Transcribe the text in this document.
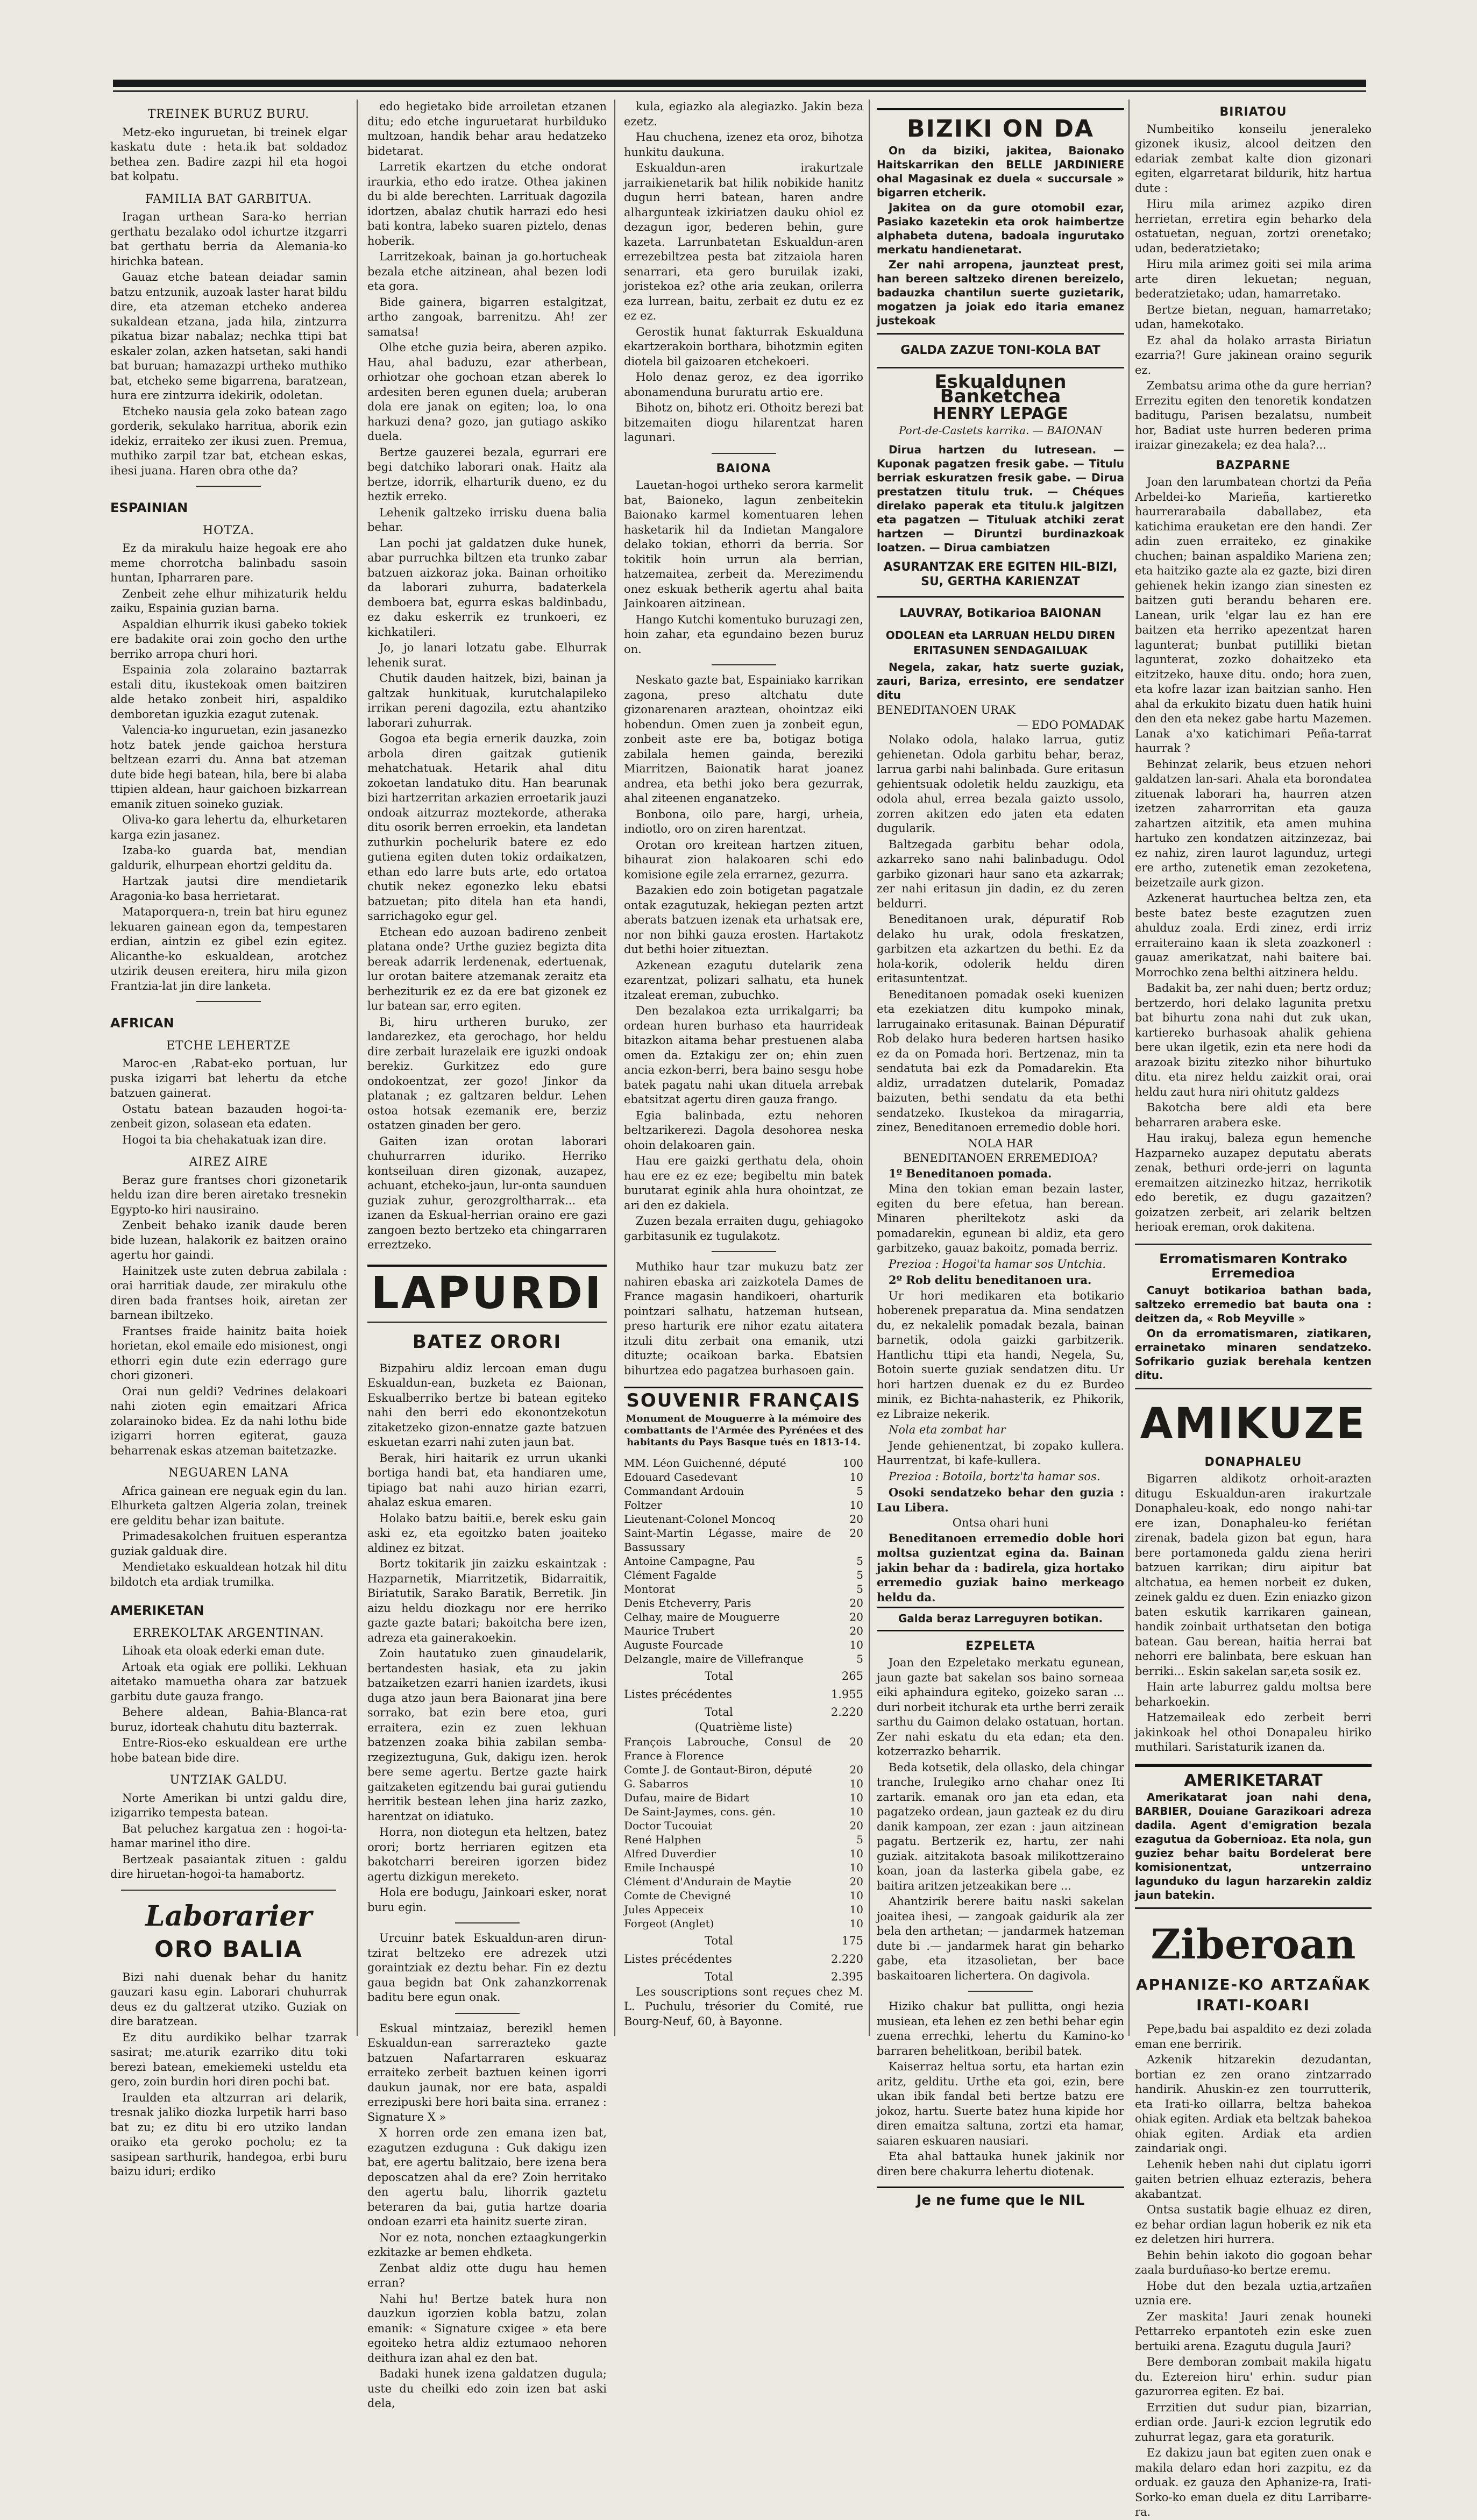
TREINEK BURUZ BURU.

Metz-eko inguruetan, bi treinek elgar kaskatu dute : heta.ik bat soldadoz bethea zen. Badire zazpi hil eta hogoi bat kolpatu.

FAMILIA BAT GARBITUA.

Iragan urthean Sara-ko herrian gerthatu bezalako odol ichurtze itzgarri bat gerthatu berria da Alemania-ko hirichka batean.

Gauaz etche batean deiadar samin batzu entzunik, auzoak laster harat bildu dire, eta atzeman etcheko anderea sukaldean etzana, jada hila, zintzurra pikatua bizar nabalaz; nechka ttipi bat eskaler zolan, azken hatsetan, saki handi bat buruan; hamazazpi urtheko muthiko bat, etcheko seme bigarrena, baratzean, hura ere zintzurra idekirik, odoletan.

Etcheko nausia gela zoko batean zago gorderik, sekulako harritua, aborik ezin idekiz, erraiteko zer ikusi zuen. Premua, muthiko zarpil tzar bat, etchean eskas, ihesi juana. Haren obra othe da?

ESPAINIAN
HOTZA.

Ez da mirakulu haize hegoak ere aho meme chorrotcha balinbadu sasoin huntan, Ipharraren pare.

Zenbeit zehe elhur mihizaturik heldu zaiku, Espainia guzian barna.

Aspaldian elhurrik ikusi gabeko tokiek ere badakite orai zoin gocho den urthe berriko arropa churi hori.

Espainia zola zolaraino baztarrak estali ditu, ikustekoak omen baitziren alde hetako zonbeit hiri, aspaldiko demboretan iguzkia ezagut zutenak.

Valencia-ko inguruetan, ezin jasanezko hotz batek jende gaichoa herstura beltzean ezarri du. Anna bat atzeman dute bide hegi batean, hila, bere bi alaba ttipien aldean, haur gaichoen bizkarrean emanik zituen soineko guziak.

Oliva-ko gara lehertu da, elhurketaren karga ezin jasanez.

Izaba-ko guarda bat, mendian galdurik, elhurpean ehortzi gelditu da.

Hartzak jautsi dire mendietarik Aragonia-ko basa herrietarat.

Mataporquera-n, trein bat hiru egunez lekuaren gainean egon da, tempestaren erdian, aintzin ez gibel ezin egitez. Alicanthe-ko eskualdean, arotchez utzirik deusen ereitera, hiru mila gizon Frantzia-lat jin dire lanketa.

AFRICAN
ETCHE LEHERTZE

Maroc-en ,Rabat-eko portuan, lur puska izigarri bat lehertu da etche batzuen gainerat.

Ostatu batean bazauden hogoi-ta-zenbeit gizon, solasean eta edaten.

Hogoi ta bia chehakatuak izan dire.

AIREZ AIRE

Beraz gure frantses chori gizonetarik heldu izan dire beren airetako tresnekin Egypto-ko hiri nausiraino.

Zenbeit behako izanik daude beren bide luzean, halakorik ez baitzen oraino agertu hor gaindi.

Hainitzek uste zuten debrua zabilala : orai harritiak daude, zer mirakulu othe diren bada frantses hoik, airetan zer barnean ibiltzeko.

Frantses fraide hainitz baita hoiek horietan, ekol emaile edo misionest, ongi ethorri egin dute ezin ederrago gure chori gizoneri.

Orai nun geldi? Vedrines delakoari nahi zioten egin emaitzari Africa zolarainoko bidea. Ez da nahi lothu bide izigarri horren egiterat, gauza beharrenak eskas atzeman baitetzazke.

NEGUAREN LANA

Africa gainean ere neguak egin du lan. Elhurketa galtzen Algeria zolan, treinek ere gelditu behar izan baitute.

Primadesakolchen fruituen esperantza guziak galduak dire.

Mendietako eskualdean hotzak hil ditu bildotch eta ardiak trumilka.

AMERIKETAN
ERREKOLTAK ARGENTINAN.

Lihoak eta oloak ederki eman dute.

Artoak eta ogiak ere polliki. Lekhuan aitetako mamuetha ohara zar batzuek garbitu dute gauza frango.

Behere aldean, Bahia-Blanca-rat buruz, idorteak chahutu ditu bazterrak.

Entre-Rios-eko eskualdean ere urthe hobe batean bide dire.

UNTZIAK GALDU.

Norte Amerikan bi untzi galdu dire, izigarriko tempesta batean.

Bat peluchez kargatua zen : hogoi-ta-hamar marinel itho dire.

Bertzeak pasaiantak zituen : galdu dire hiruetan-hogoi-ta hamabortz.

Laborarier
ORO BALIA

Bizi nahi duenak behar du hanitz gauzari kasu egin. Laborari chuhurrak deus ez du galtzerat utziko. Guziak on dire baratzean.

Ez ditu aurdikiko belhar tzarrak sasirat; me.aturik ezarriko ditu toki berezi batean, emekiemeki usteldu eta gero, zoin burdin hori diren pochi bat.

Iraulden eta altzurran ari delarik, tresnak jaliko diozka lurpetik harri baso bat zu; ez ditu bi ero utziko landan oraiko eta geroko pocholu; ez ta sasipean sarthurik, handegoa, erbi buru baizu iduri; erdiko

edo hegietako bide arroiletan etzanen ditu; edo etche inguruetarat hurbilduko multzoan, handik behar arau hedatzeko bidetarat.

Larretik ekartzen du etche ondorat iraurkia, etho edo iratze. Othea jakinen du bi alde berechten. Larrituak dagozila idortzen, abalaz chutik harrazi edo hesi bati kontra, labeko suaren piztelo, denas hoberik.

Larritzekoak, bainan ja go.hortucheak bezala etche aitzinean, ahal bezen lodi eta gora.

Bide gainera, bigarren estalgitzat, artho zangoak, barrenitzu. Ah! zer samatsa!

Olhe etche guzia beira, aberen azpiko. Hau, ahal baduzu, ezar atherbean, orhiotzar ohe gochoan etzan aberek lo ardesiten beren egunen duela; aruberan dola ere janak on egiten; loa, lo ona harkuzi dena? gozo, jan gutiago askiko duela.

Bertze gauzerei bezala, egurrari ere begi datchiko laborari onak. Haitz ala bertze, idorrik, elharturik dueno, ez du heztik erreko.

Lehenik galtzeko irrisku duena balia behar.

Lan pochi jat galdatzen duke hunek, abar purruchka biltzen eta trunko zabar batzuen aizkoraz joka. Bainan orhoitiko da laborari zuhurra, badaterkela demboera bat, egurra eskas baldinbadu, ez daku eskerrik ez trunkoeri, ez kichkatileri.

Jo, jo lanari lotzatu gabe. Elhurrak lehenik surat.

Chutik dauden haitzek, bizi, bainan ja galtzak hunkituak, kurutchalapileko irrikan pereni dagozila, eztu ahantziko laborari zuhurrak.

Gogoa eta begia ernerik dauzka, zoin arbola diren gaitzak gutienik mehatchatuak. Hetarik ahal ditu zokoetan landatuko ditu. Han bearunak bizi hartzerritan arkazien erroetarik jauzi ondoak aitzurraz moztekorde, atheraka ditu osorik berren erroekin, eta landetan zuthurkin pochelurik batere ez edo gutiena egiten duten tokiz ordaikatzen, ethan edo larre buts arte, edo ortatoa chutik nekez egonezko leku ebatsi batzuetan; pito ditela han eta handi, sarrichagoko egur gel.

Etchean edo auzoan badireno zenbeit platana onde? Urthe guziez begizta dita bereak adarrik lerdenenak, edertuenak, lur orotan baitere atzemanak zeraitz eta berheziturik ez ez da ere bat gizonek ez lur batean sar, erro egiten.

Bi, hiru urtheren buruko, zer landarezkez, eta gerochago, hor heldu dire zerbait lurazelaik ere iguzki ondoak berekiz. Gurkitzez edo gure ondokoentzat, zer gozo! Jinkor da platanak ; ez galtzaren beldur. Lehen ostoa hotsak ezemanik ere, berziz ostatzen ginaden ber gero.

Gaiten izan orotan laborari chuhurrarren iduriko. Herriko kontseiluan diren gizonak, auzapez, achuant, etcheko-jaun, lur-onta saunduen guziak zuhur, gerozgroltharrak... eta izanen da Eskual-herrian oraino ere gazi zangoen bezto bertzeko eta chingarraren erreztzeko.

LAPURDI
BATEZ ORORI

Bizpahiru aldiz lercoan eman dugu Eskualdun-ean, buzketa ez Baionan, Eskualberriko bertze bi batean egiteko nahi den berri edo ekonontzekotun zitaketzeko gizon-ennatze gazte batzuen eskuetan ezarri nahi zuten jaun bat.

Berak, hiri haitarik ez urrun ukanki bortiga handi bat, eta handiaren ume, tipiago bat nahi auzo hirian ezarri, ahalaz eskua emaren.

Holako batzu baitii.e, berek esku gain aski ez, eta egoitzko baten joaiteko aldinez ez bitzat.

Bortz tokitarik jin zaizku eskaintzak : Hazparnetik, Miarritzetik, Bidarraitik, Biriatutik, Sarako Baratik, Berretik. Jin aizu heldu diozkagu nor ere herriko gazte gazte batari; bakoitcha bere izen, adreza eta gainerakoekin.

Zoin hautatuko zuen ginaudelarik, bertandesten hasiak, eta zu jakin batzaiketzen ezarri hanien izardets, ikusi duga atzo jaun bera Baionarat jina bere sorrako, bat ezin bere etoa, guri erraitera, ezin ez zuen lekhuan batzenzen zoaka bihia zabilan semba-rzegizeztuguna, Guk, dakigu izen. herok bere seme agertu. Bertze gazte hairk gaitzaketen egitzendu bai gurai gutiendu herritik bestean lehen jina hariz zazko, harentzat on idiatuko.

Horra, non diotegun eta heltzen, batez orori; bortz herriaren egitzen eta bakotcharri bereiren igorzen bidez agertu dizkigun mereketo.

Hola ere bodugu, Jainkoari esker, norat buru egin.

Urcuinr batek Eskualdun-aren dirun-tzirat beltzeko ere adrezek utzi goraintziak ez deztu behar. Fin ez deztu gaua begidn bat Onk zahanzkorrenak baditu bere egun onak.

Eskual mintzaiaz, berezikl hemen Eskualdun-ean sarrerazteko gazte batzuen Nafartarraren eskuaraz erraiteko zerbeit baztuen keinen igorri daukun jaunak, nor ere bata, aspaldi errezipuski bere hori baita sina. erranez : Signature X »

X horren orde zen emana izen bat, ezagutzen ezduguna : Guk dakigu izen bat, ere agertu balitzaio, bere izena bera deposcatzen ahal da ere? Zoin herritako den agertu balu, lihorrik gaztetu beteraren da bai, gutia hartze doaria ondoan ezarri eta hainitz suerte ziran.

Nor ez nota, nonchen eztaagkungerkin ezkitazke ar bemen ehdketa.

Zenbat aldiz otte dugu hau hemen erran?

Nahi hu! Bertze batek hura non dauzkun igorzien kobla batzu, zolan emanik: « Signature cxigee » eta bere egoiteko hetra aldiz eztumaoo nehoren deithura izan ahal ez den bat.

Badaki hunek izena galdatzen dugula; uste du cheilki edo zoin izen bat aski dela,

kula, egiazko ala alegiazko. Jakin beza ezetz.

Hau chuchena, izenez eta oroz, bihotza hunkitu daukuna.

Eskualdun-aren irakurtzale jarraikienetarik bat hilik nobikide hanitz dugun herri batean, haren andre alhargunteak izkiriatzen dauku ohiol ez dezagun igor, bederen behin, gure kazeta. Larrunbatetan Eskualdun-aren errezebiltzea pesta bat zitzaiola haren senarrari, eta gero buruilak izaki, joristekoa ez? othe aria zeukan, orilerra eza lurrean, baitu, zerbait ez dutu ez ez ez ez.

Gerostik hunat fakturrak Eskualduna ekartzerakoin borthara, bihotzmin egiten diotela bil gaizoaren etchekoeri.

Holo denaz geroz, ez dea igorriko abonamenduna bururatu artio ere.

Bihotz on, bihotz eri. Othoitz berezi bat bitzemaiten diogu hilarentzat haren lagunari.

BAIONA

Lauetan-hogoi urtheko serora karmelit bat, Baioneko, lagun zenbeitekin Baionako karmel komentuaren lehen hasketarik hil da Indietan Mangalore delako tokian, ethorri da berria. Sor tokitik hoin urrun ala berrian, hatzemaitea, zerbeit da. Merezimendu onez eskuak betherik agertu ahal baita Jainkoaren aitzinean.

Hango Kutchi komentuko buruzagi zen, hoin zahar, eta egundaino bezen buruz on.

Neskato gazte bat, Espainiako karrikan zagona, preso altchatu dute gizonarenaren araztean, ohointzaz eiki hobendun. Omen zuen ja zonbeit egun, zonbeit aste ere ba, botigaz botiga zabilala hemen gainda, bereziki Miarritzen, Baionatik harat joanez andrea, eta bethi joko bera gezurrak, ahal ziteenen enganatzeko.

Bonbona, oilo pare, hargi, urheia, indiotlo, oro on ziren harentzat.

Orotan oro kreitean hartzen zituen, bihaurat zion halakoaren schi edo komisione egile zela errarnez, gezurra.

Bazakien edo zoin botigetan pagatzale ontak ezagutuzak, hekiegan pezten artzt aberats batzuen izenak eta urhatsak ere, nor non bihki gauza erosten. Hartakotz dut bethi hoier zitueztan.

Azkenean ezagutu dutelarik zena ezarentzat, polizari salhatu, eta hunek itzaleat ereman, zubuchko.

Den bezalakoa ezta urrikalgarri; ba ordean huren burhaso eta haurrideak bitazkon aitama behar prestuenen alaba omen da. Eztakigu zer on; ehin zuen ancia ezkon-berri, bera baino sesgu hobe batek pagatu nahi ukan dituela arrebak ebatsitzat agertu diren gauza frango.

Egia balinbada, eztu nehoren beltzarikerezi. Dagola desohorea neska ohoin delakoaren gain.

Hau ere gaizki gerthatu dela, ohoin hau ere ez ez eze; begibeltu min batek burutarat eginik ahla hura ohointzat, ze ari den ez dakiela.

Zuzen bezala erraiten dugu, gehiagoko garbitasunik ez tugulakotz.

Muthiko haur tzar mukuzu batz zer nahiren ebaska ari zaizkotela Dames de France magasin handikoeri, oharturik pointzari salhatu, hatzeman hutsean, preso harturik ere nihor ezatu aitatera itzuli ditu zerbait ona emanik, utzi dituzte; ocaikoan barka. Ebatsien bihurtzea edo pagatzea burhasoen gain.

SOUVENIR FRANÇAIS
Monument de Mouguerre à la mémoire des combattants de l'Armée des Pyrénées et des habitants du Pays Basque tués en 1813-14.
MM. Léon Guichenné, député	100
Edouard Casedevant	10
Commandant Ardouin	5
Foltzer	10
Lieutenant-Colonel Moncoq	20
Saint-Martin Légasse, maire de Bassussary
20
Antoine Campagne, Pau	5
Clément Fagalde	5
Montorat	5
Denis Etcheverry, Paris	20
Celhay, maire de Mouguerre	20
Maurice Trubert	20
Auguste Fourcade	10
Delzangle, maire de Villefranque	5
Total	265
Listes précédentes	1.955
Total	2.220
(Quatrième liste)
François Labrouche, Consul de France à Florence
20
Comte J. de Gontaut-Biron, député	20
G. Sabarros	10
Dufau, maire de Bidart	10
De Saint-Jaymes, cons. gén.	10
Doctor Tucouiat	20
René Halphen	5
Alfred Duverdier	10
Emile Inchauspé	10
Clément d'Andurain de Maytie	20
Comte de Chevigné	10
Jules Appeceix	10
Forgeot (Anglet)	10
Total	175
Listes précédentes	2.220
Total	2.395

Les souscriptions sont reçues chez M. L. Puchulu, trésorier du Comité, rue Bourg-Neuf, 60, à Bayonne.

BIZIKI ON DA

On da biziki, jakitea, Baionako Haitskarrikan den BELLE JARDINIERE ohal Magasinak ez duela « succursale » bigarren etcherik.

Jakitea on da gure otomobil ezar, Pasiako kazetekin eta orok haimbertze alphabeta dutena, badoala ingurutako merkatu handienetarat.

Zer nahi arropena, jaunzteat prest, han bereen saltzeko direnen bereizelo, badauzka chantilun suerte guzietarik, mogatzen ja joiak edo itaria emanez justekoak

GALDA ZAZUE TONI-KOLA BAT
Eskualdunen Banketchea
HENRY LEPAGE
Port-de-Castets karrika. — BAIONAN

Dirua hartzen du lutresean. — Kuponak pagatzen fresik gabe. — Titulu berriak eskuratzen fresik gabe. — Dirua prestatzen titulu truk. — Chéques direlako paperak eta titulu.k jalgitzen eta pagatzen — Tituluak atchiki zerat hartzen — Diruntzi burdinazkoak loatzen. — Dirua cambiatzen

ASURANTZAK ERE EGITEN HIL-BIZI, SU, GERTHA KARIENZAT
LAUVRAY, Botikarioa BAIONAN
ODOLEAN eta LARRUAN HELDU DIREN ERITASUNEN SENDAGAILUAK

Negela, zakar, hatz suerte guziak, zauri, Bariza, erresinto, ere sendatzer ditu

BENEDITANOEN URAK
— EDO POMADAK

Nolako odola, halako larrua, gutiz gehienetan. Odola garbitu behar, beraz, larrua garbi nahi balinbada. Gure eritasun gehientsuak odoletik heldu zauzkigu, eta odola ahul, errea bezala gaizto ussolo, zorren akitzen edo jaten eta edaten dugularik.

Baltzegada garbitu behar odola, azkarreko sano nahi balinbadugu. Odol garbiko gizonari haur sano eta azkarrak; zer nahi eritasun jin dadin, ez du zeren beldurri.

Beneditanoen urak, dépuratif Rob delako hu urak, odola freskatzen, garbitzen eta azkartzen du bethi. Ez da hola-korik, odolerik heldu diren eritasuntentzat.

Beneditanoen pomadak oseki kuenizen eta ezekiatzen ditu kumpoko minak, larrugainako eritasunak. Bainan Dépuratif Rob delako hura bederen hartsen hasiko ez da on Pomada hori. Bertzenaz, min ta sendatuta bai ezk da Pomadarekin. Eta aldiz, urradatzen dutelarik, Pomadaz baizuten, bethi sendatu da eta bethi sendatzeko. Ikustekoa da miragarria, zinez, Beneditanoen erremedio doble hori.

NOLA HAR
BENEDITANOEN ERREMEDIOA?

1º Beneditanoen pomada.

Mina den tokian eman bezain laster, egiten du bere efetua, han berean. Minaren pheriltekotz aski da pomadarekin, egunean bi aldiz, eta gero garbitzeko, gauaz bakoitz, pomada berriz.

Prezioa : Hogoi'ta hamar sos Untchia.

2º Rob delitu beneditanoen ura.

Ur hori medikaren eta botikario hoberenek preparatua da. Mina sendatzen du, ez nekalelik pomadak bezala, bainan barnetik, odola gaizki garbitzerik. Hantlichu ttipi eta handi, Negela, Su, Botoin suerte guziak sendatzen ditu. Ur hori hartzen duenak ez du ez Burdeo minik, ez Bichta-nahasterik, ez Phikorik, ez Libraize nekerik.

Nola eta zombat har

Jende gehienentzat, bi zopako kullera. Haurrentzat, bi kafe-kullera.

Prezioa : Botoila, bortz'ta hamar sos.

Osoki sendatzeko behar den guzia : Lau Libera.

Ontsa ohari huni

Beneditanoen erremedio doble hori moltsa guzientzat egina da. Bainan jakin behar da : badirela, giza hortako erremedio guziak baino merkeago heldu da.

Galda beraz Larreguyren botikan.
EZPELETA

Joan den Ezpeletako merkatu egunean, jaun gazte bat sakelan sos baino sorneaa eiki aphaindura egiteko, goizeko saran ... duri norbeit itchurak eta urthe berri zeraik sarthu du Gaimon delako ostatuan, hortan. Zer nahi eskatu du eta edan; eta den. kotzerrazko beharrik.

Beda kotsetik, dela ollasko, dela chingar tranche, Irulegiko arno chahar onez Iti zartarik. emanak oro jan eta edan, eta pagatzeko ordean, jaun gazteak ez du diru danik kampoan, zer ezan : jaun aitzinean pagatu. Bertzerik ez, hartu, zer nahi guziak. aitzitakota basoak milikottzeraino koan, joan da lasterka gibela gabe, ez baitira aritzen jetzeakikan bere ...

Ahantzirik berere baitu naski sakelan joaitea ihesi, — zangoak gaidurik ala zer bela den arthetan; — jandarmek hatzeman dute bi .— jandarmek harat gin beharko gabe, eta itzasolietan, ber bace baskaitoaren lichertera. On dagivola.

Hiziko chakur bat pullitta, ongi hezia musiean, eta lehen ez zen bethi behar egin zuena errechki, lehertu du Kamino-ko barraren behelitkoan, beribil batek.

Kaiserraz heltua sortu, eta hartan ezin aritz, gelditu. Urthe eta goi, ezin, bere ukan ibik fandal beti bertze batzu ere jokoz, hartu. Suerte batez huna kipide hor diren emaitza saltuna, zortzi eta hamar, saiaren eskuaren nausiari.

Eta ahal battauka hunek jakinik nor diren bere chakurra lehertu diotenak.

Je ne fume que le NIL
BIRIATOU

Numbeitiko konseilu jeneraleko gizonek ikusiz, alcool deitzen den edariak zembat kalte dion gizonari egiten, elgarretarat bildurik, hitz hartua dute :

Hiru mila arimez azpiko diren herrietan, erretira egin beharko dela ostatuetan, neguan, zortzi orenetako; udan, bederatzietako;

Hiru mila arimez goiti sei mila arima arte diren lekuetan; neguan, bederatzietako; udan, hamarretako.

Bertze bietan, neguan, hamarretako; udan, hamekotako.

Ez ahal da holako arrasta Biriatun ezarria?! Gure jakinean oraino segurik ez.

Zembatsu arima othe da gure herrian? Errezitu egiten den tenoretik kondatzen baditugu, Parisen bezalatsu, numbeit hor, Badiat uste hurren bederen prima iraizar ginezakela; ez dea hala?...

BAZPARNE

Joan den larumbatean chortzi da Peña Arbeldei-ko Marieña, kartieretko haurrerarabaila daballabez, eta katichima erauketan ere den handi. Zer adin zuen erraiteko, ez ginakike chuchen; bainan aspaldiko Mariena zen; eta haitziko gazte ala ez gazte, bizi diren gehienek hekin izango zian sinesten ez baitzen guti berandu beharen ere. Lanean, urik 'elgar lau ez han ere baitzen eta herriko apezentzat haren lagunterat; bunbat putilliki bietan lagunterat, zozko dohaitzeko eta eitzitzeko, hauxe ditu. ondo; hora zuen, eta kofre lazar izan baitzian sanho. Hen ahal da erkukito bizatu duen hatik huini den den eta nekez gabe hartu Mazemen. Lanak a'xo katichimari Peña-tarrat haurrak ?

Behinzat zelarik, beus etzuen nehori galdatzen lan-sari. Ahala eta borondatea zituenak laborari ha, haurren atzen izetzen zaharrorritan eta gauza zahartzen aitzitik, eta amen muhina hartuko zen kondatzen aitzinzezaz, bai ez nahiz, ziren laurot lagunduz, urtegi ere artho, zutenetik eman zezoketena, beizetzaile aurk gizon.

Azkenerat haurtuchea beltza zen, eta beste batez beste ezagutzen zuen ahulduz zoala. Erdi zinez, erdi irriz erraiteraino kaan ik sleta zoazkonerl : gauaz amerikatzat, nahi baitere bai. Morrochko zena belthi aitzinera heldu.

Badakit ba, zer nahi duen; bertz orduz; bertzerdo, hori delako lagunita pretxu bat bihurtu zona nahi dut zuk ukan, kartiereko burhasoak ahalik gehiena bere ukan ilgetik, ezin eta nere hodi da arazoak bizitu zitezko nihor bihurtuko ditu. eta nirez heldu zaizkit orai, orai heldu zaut hura niri ohitutz galdezs

Bakotcha bere aldi eta bere beharraren arabera eske.

Hau irakuj, baleza egun hemenche Hazparneko auzapez deputatu aberats zenak, bethuri orde-jerri on lagunta eremaitzen aitzinezko hitzaz, herrikotik edo beretik, ez dugu gazaitzen? goizatzen zerbeit, ari zelarik beltzen herioak ereman, orok dakitena.

Erromatismaren Kontrako Erremedioa

Canuyt botikarioa bathan bada, saltzeko erremedio bat bauta ona : deitzen da, « Rob Meyville »

On da erromatismaren, ziatikaren, errainetako minaren sendatzeko. Sofrikario guziak berehala kentzen ditu.

AMIKUZE
DONAPHALEU

Bigarren aldikotz orhoit-arazten ditugu Eskualdun-aren irakurtzale Donaphaleu-koak, edo nongo nahi-tar ere izan, Donaphaleu-ko feriétan zirenak, badela gizon bat egun, hara bere portamoneda galdu ziena heriri batzuen karrikan; diru aipitur bat altchatua, ea hemen norbeit ez duken, zeinek galdu ez duen. Ezin eniazko gizon baten eskutik karrikaren gainean, handik zoinbait urthatsetan den botiga batean. Gau berean, haitia herrai bat nehorri ere balinbata, bere eskuan han berriki... Eskin sakelan sar,eta sosik ez.

Hain arte laburrez galdu moltsa bere beharkoekin.

Hatzemaileak edo zerbeit berri jakinkoak hel othoi Donapaleu hiriko muthilari. Saristaturik izanen da.

AMERIKETARAT

Amerikatarat joan nahi dena, BARBIER, Douiane Garazikoari adreza dadila. Agent d'emigration bezala ezagutua da Gobernioaz. Eta nola, gun guziez behar baitu Bordelerat bere komisionentzat, untzerraino lagunduko du lagun harzarekin zaldiz jaun batekin.

Ziberoan
APHANIZE-KO ARTZAÑAK IRATI-KOARI

Pepe,badu bai aspaldito ez dezi zolada eman ene berririk.

Azkenik hitzarekin dezudantan, bortian ez zen orano zintzarrado handirik. Ahuskin-ez zen tourrutterik, eta Irati-ko oillarra, beltza bahekoa ohiak egiten. Ardiak eta beltzak bahekoa ohiak egiten. Ardiak eta ardien zaindariak ongi.

Lehenik heben nahi dut ciplatu igorri gaiten betrien elhuaz ezterazis, behera akabantzat.

Ontsa sustatik bagie elhuaz ez diren, ez behar ordian lagun hoberik ez nik eta ez deletzen hiri hurrera.

Behin behin iakoto dio gogoan behar zaala burduñaso-ko bertze eremu.

Hobe dut den bezala uztia,artzañen uznia ere.

Zer maskita! Jauri zenak houneki Pettarreko erpantoteh ezin eske zuen bertuiki arena. Ezagutu dugula Jauri?

Bere demboran zombait makila higatu du. Eztereion hiru' erhin. sudur pian gazurorrea egiten. Ez bai.

Errzitien dut sudur pian, bizarrian, erdian orde. Jauri-k ezcion legrutik edo zuhurrat legaz, gara eta goraturik.

Ez dakizu jaun bat egiten zuen onak e makila delaro edan hori zazpitu, ez da orduak. ez gauza den Aphanize-ra, Irati-Sorko-ko eman duela ez ditu Larribarre-ra.
